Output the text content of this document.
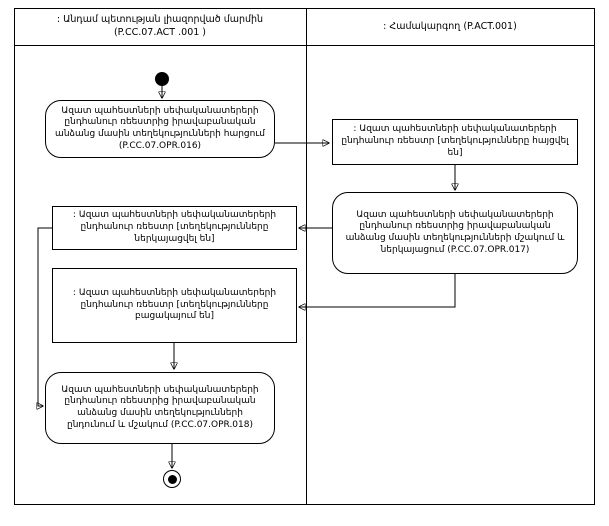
: Անդամ պետության լիազորված մարմին
(P.CC.07.ACT .001 )
: Համակարգող (P.ACT.001)
Ազատ պահեստների սեփականատերերի ընդհանուր ռեեստրից իրավաբանական անձանց մասին տեղեկությունների հարցում (P.CC.07.OPR.016)
: Ազատ պահեստների սեփականատերերի ընդհանուր ռեեստր [տեղեկությունները հայցվել են]
Ազատ պահեստների սեփականատերերի ընդհանուր ռեեստրից իրավաբանական անձանց մասին տեղեկությունների մշակում և ներկայացում (P.CC.07.OPR.017)
: Ազատ պահեստների սեփականատերերի ընդհանուր ռեեստր [տեղեկությունները ներկայացվել են]
: Ազատ պահեստների սեփականատերերի ընդհանուր ռեեստր [տեղեկությունները բացակայում են]
Ազատ պահեստների սեփականատերերի ընդհանուր ռեեստրից իրավաբանական անձանց մասին տեղեկությունների ընդունում և մշակում (P.CC.07.OPR.018)
